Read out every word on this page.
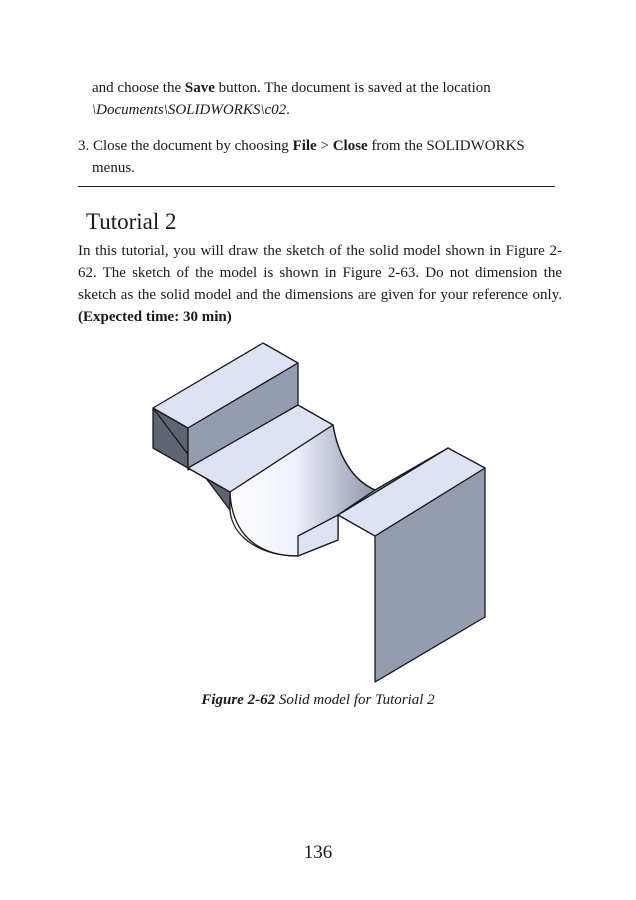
and choose the Save button. The document is saved at the location
\Documents\SOLIDWORKS\c02.
3. Close the document by choosing File > Close from the SOLIDWORKS
menus.
Tutorial 2
In this tutorial, you will draw the sketch of the solid model shown in Figure 2-62. The sketch of the model is shown in Figure 2-63. Do not dimension the sketch as the solid model and the dimensions are given for your reference only. (Expected time: 30 min)
Figure 2-62 Solid model for Tutorial 2
136
